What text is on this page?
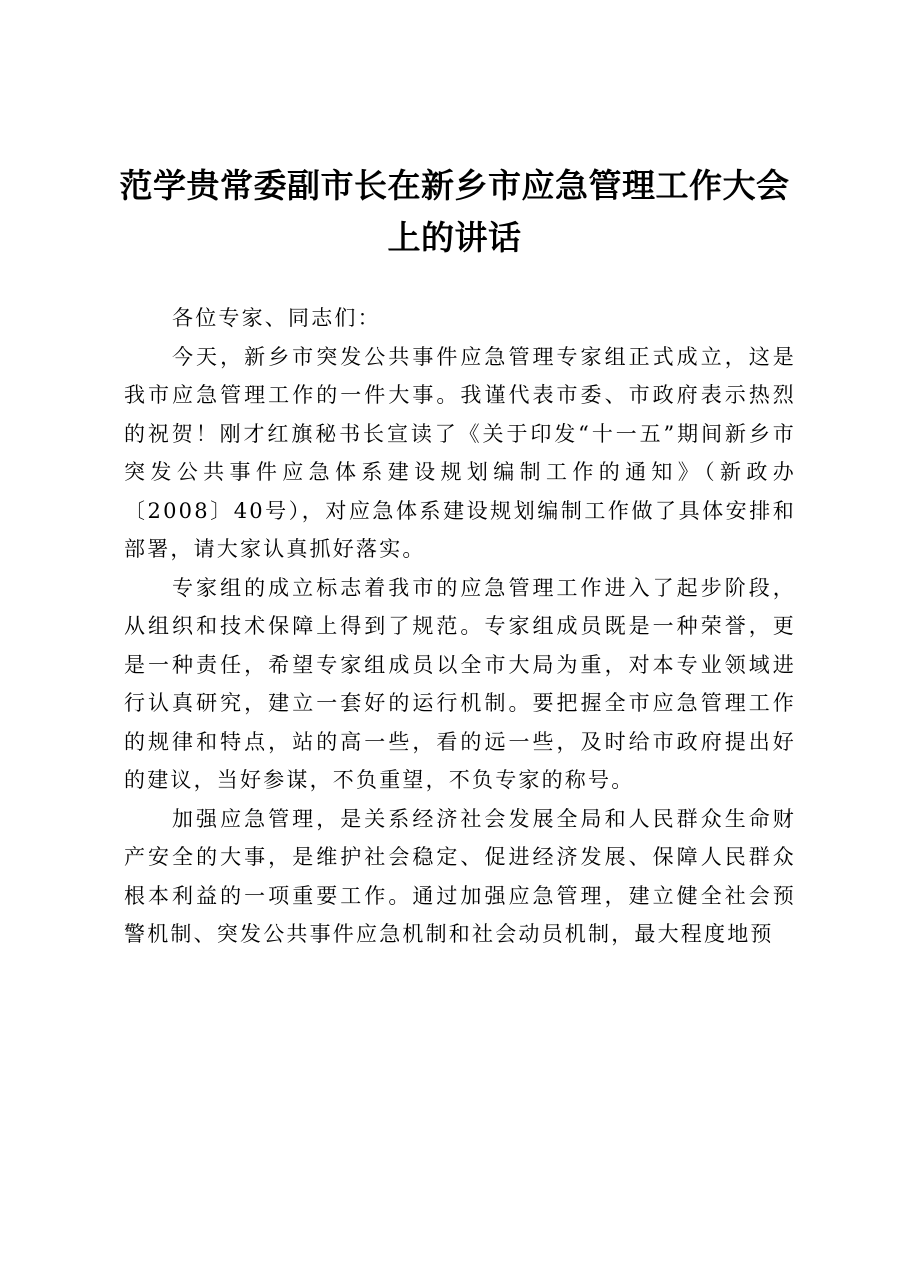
范学贵常委副市长在新乡市应急管理工作大会上的讲话

各位专家、同志们：

今天，新乡市突发公共事件应急管理专家组正式成立，这是我市应急管理工作的一件大事。我谨代表市委、市政府表示热烈的祝贺！刚才红旗秘书长宣读了《关于印发“十一五”期间新乡市突发公共事件应急体系建设规划编制工作的通知》（新政办〔2008〕40号），对应急体系建设规划编制工作做了具体安排和部署，请大家认真抓好落实。

专家组的成立标志着我市的应急管理工作进入了起步阶段，从组织和技术保障上得到了规范。专家组成员既是一种荣誉，更是一种责任，希望专家组成员以全市大局为重，对本专业领域进行认真研究，建立一套好的运行机制。要把握全市应急管理工作的规律和特点，站的高一些，看的远一些，及时给市政府提出好的建议，当好参谋，不负重望，不负专家的称号。

加强应急管理，是关系经济社会发展全局和人民群众生命财产安全的大事，是维护社会稳定、促进经济发展、保障人民群众根本利益的一项重要工作。通过加强应急管理，建立健全社会预警机制、突发公共事件应急机制和社会动员机制，最大程度地预
